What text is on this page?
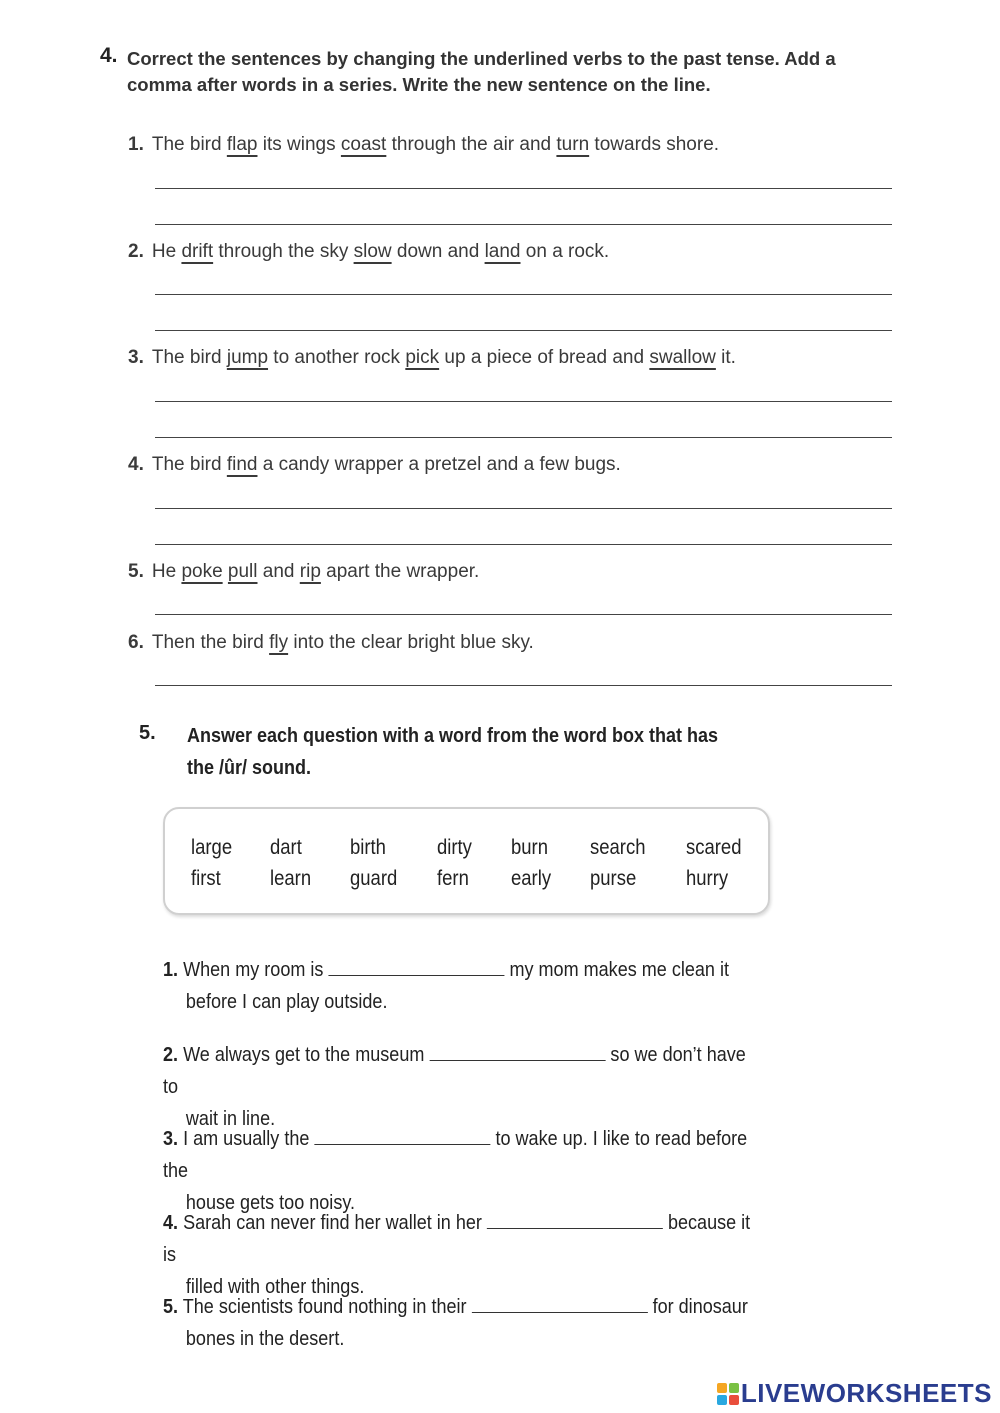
4. Correct the sentences by changing the underlined verbs to the past tense. Add a comma after words in a series. Write the new sentence on the line.
1. The bird flap its wings coast through the air and turn towards shore.
2. He drift through the sky slow down and land on a rock.
3. The bird jump to another rock pick up a piece of bread and swallow it.
4. The bird find a candy wrapper a pretzel and a few bugs.
5. He poke pull and rip apart the wrapper.
6. Then the bird fly into the clear bright blue sky.
5. Answer each question with a word from the word box that has
the /ûr/ sound.
large dart birth dirty burn search scared
first learn guard fern early purse hurry
1. When my room is	my mom makes me clean it
before I can play outside.
2. We always get to the museum	so we don’t have to
wait in line.
3. I am usually the	to wake up. I like to read before the
house gets too noisy.
4. Sarah can never find her wallet in her	because it is
filled with other things.
5. The scientists found nothing in their	for dinosaur
bones in the desert.
LIVEWORKSHEETS
